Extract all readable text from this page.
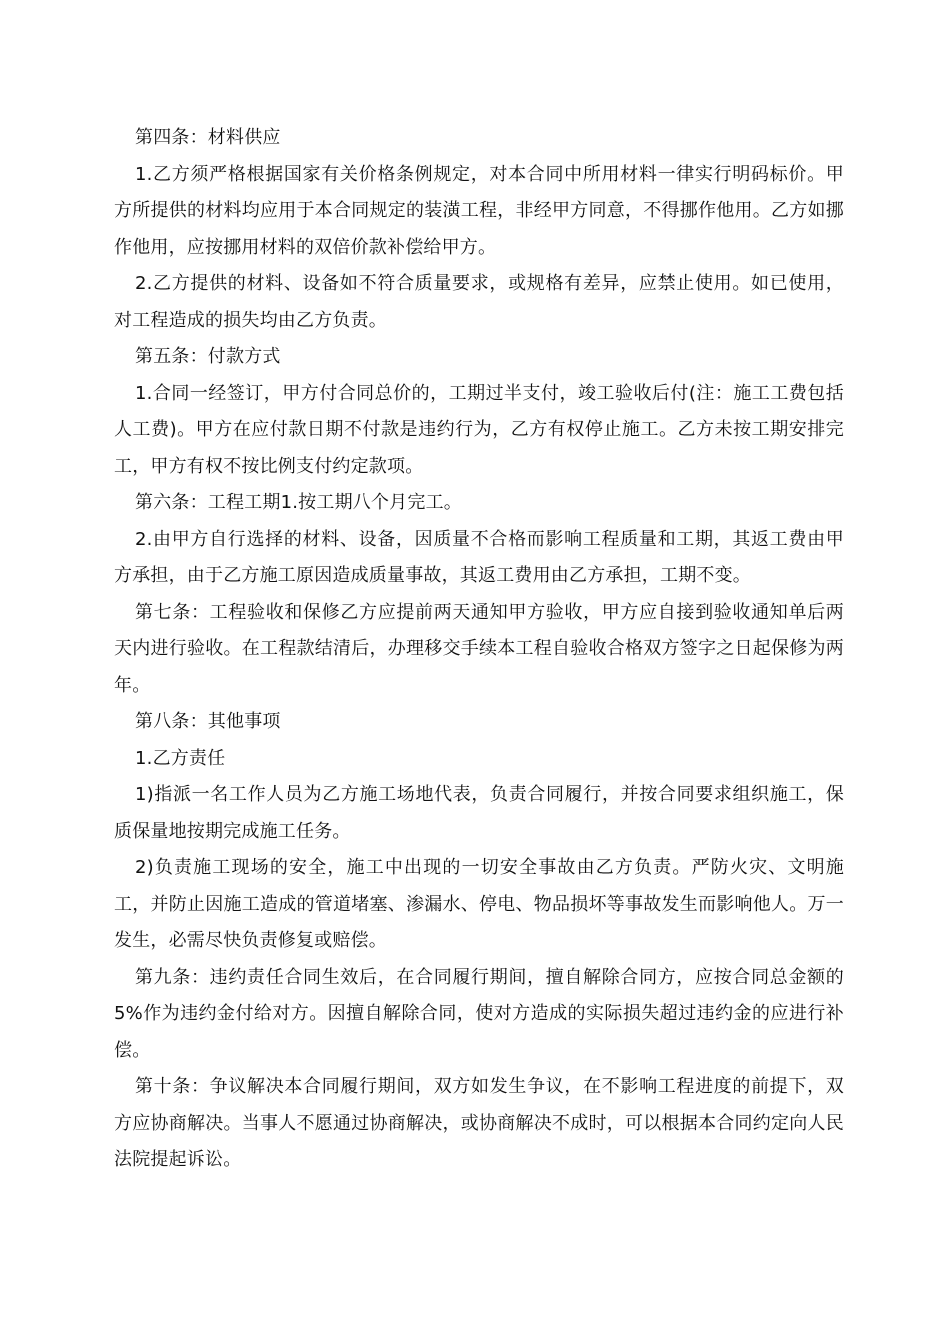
第四条：材料供应

1.乙方须严格根据国家有关价格条例规定，对本合同中所用材料一律实行明码标价。甲方所提供的材料均应用于本合同规定的装潢工程，非经甲方同意，不得挪作他用。乙方如挪作他用，应按挪用材料的双倍价款补偿给甲方。

2.乙方提供的材料、设备如不符合质量要求，或规格有差异，应禁止使用。如已使用，对工程造成的损失均由乙方负责。

第五条：付款方式

1.合同一经签订，甲方付合同总价的，工期过半支付，竣工验收后付(注：施工工费包括人工费)。甲方在应付款日期不付款是违约行为，乙方有权停止施工。乙方未按工期安排完工，甲方有权不按比例支付约定款项。

第六条：工程工期1.按工期八个月完工。

2.由甲方自行选择的材料、设备，因质量不合格而影响工程质量和工期，其返工费由甲方承担，由于乙方施工原因造成质量事故，其返工费用由乙方承担，工期不变。

第七条：工程验收和保修乙方应提前两天通知甲方验收，甲方应自接到验收通知单后两天内进行验收。在工程款结清后，办理移交手续本工程自验收合格双方签字之日起保修为两年。

第八条：其他事项

1.乙方责任

1)指派一名工作人员为乙方施工场地代表，负责合同履行，并按合同要求组织施工，保质保量地按期完成施工任务。

2)负责施工现场的安全，施工中出现的一切安全事故由乙方负责。严防火灾、文明施工，并防止因施工造成的管道堵塞、渗漏水、停电、物品损坏等事故发生而影响他人。万一发生，必需尽快负责修复或赔偿。

第九条：违约责任合同生效后，在合同履行期间，擅自解除合同方，应按合同总金额的5%作为违约金付给对方。因擅自解除合同，使对方造成的实际损失超过违约金的应进行补偿。

第十条：争议解决本合同履行期间，双方如发生争议，在不影响工程进度的前提下，双方应协商解决。当事人不愿通过协商解决，或协商解决不成时，可以根据本合同约定向人民法院提起诉讼。
